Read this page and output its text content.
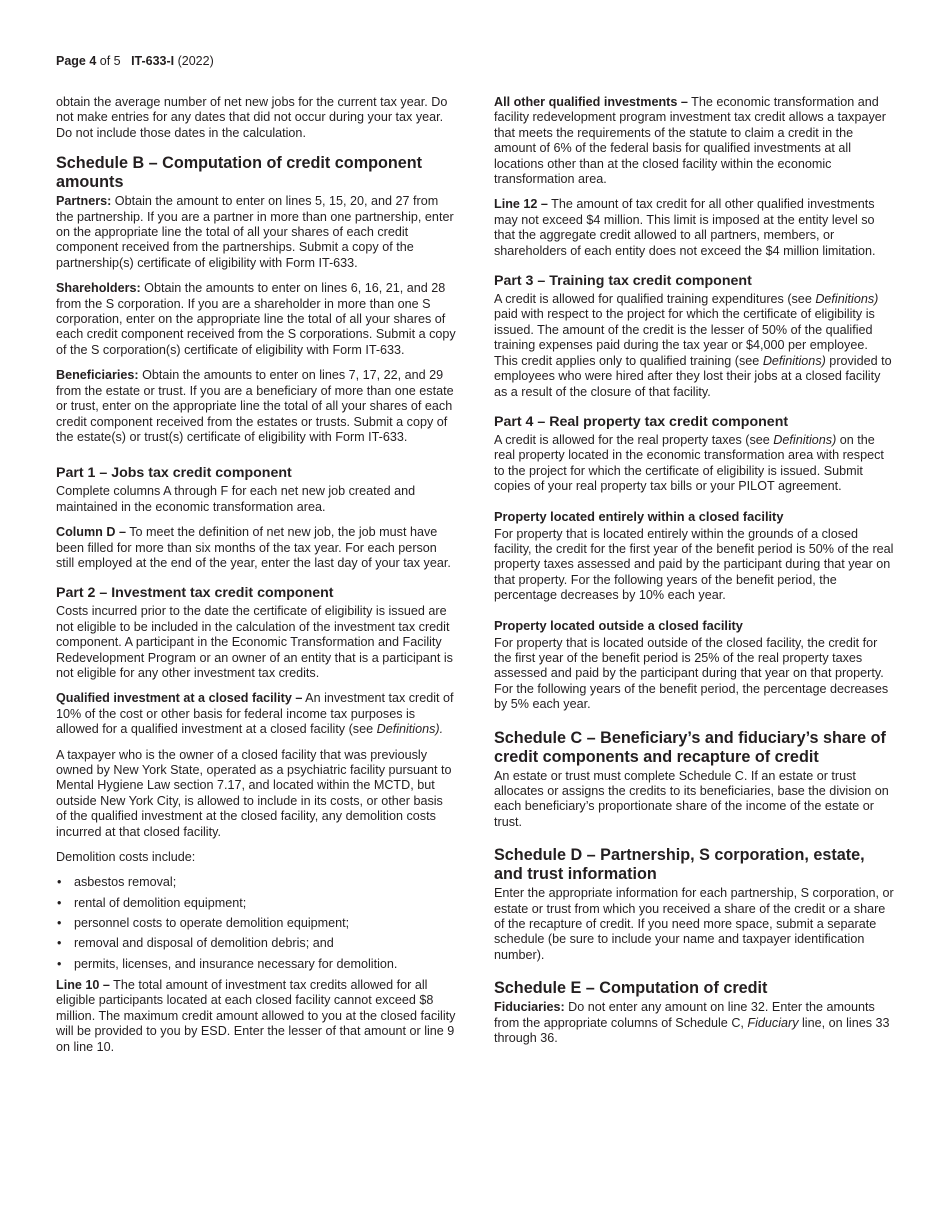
Page 4 of 5 IT-633-I (2022)

obtain the average number of net new jobs for the current tax year. Do not make entries for any dates that did not occur during your tax year. Do not include those dates in the calculation.

Schedule B – Computation of credit component amounts

Partners: Obtain the amount to enter on lines 5, 15, 20, and 27 from the partnership. If you are a partner in more than one partnership, enter on the appropriate line the total of all your shares of each credit component received from the partnerships. Submit a copy of the partnership(s) certificate of eligibility with Form IT-633.

Shareholders: Obtain the amounts to enter on lines 6, 16, 21, and 28 from the S corporation. If you are a shareholder in more than one S corporation, enter on the appropriate line the total of all your shares of each credit component received from the S corporations. Submit a copy of the S corporation(s) certificate of eligibility with Form IT-633.

Beneficiaries: Obtain the amounts to enter on lines 7, 17, 22, and 29 from the estate or trust. If you are a beneficiary of more than one estate or trust, enter on the appropriate line the total of all your shares of each credit component received from the estates or trusts. Submit a copy of the estate(s) or trust(s) certificate of eligibility with Form IT-633.

Part 1 – Jobs tax credit component

Complete columns A through F for each net new job created and maintained in the economic transformation area.

Column D – To meet the definition of net new job, the job must have been filled for more than six months of the tax year. For each person still employed at the end of the year, enter the last day of your tax year.

Part 2 – Investment tax credit component

Costs incurred prior to the date the certificate of eligibility is issued are not eligible to be included in the calculation of the investment tax credit component. A participant in the Economic Transformation and Facility Redevelopment Program or an owner of an entity that is a participant is not eligible for any other investment tax credits.

Qualified investment at a closed facility – An investment tax credit of 10% of the cost or other basis for federal income tax purposes is allowed for a qualified investment at a closed facility (see Definitions).

A taxpayer who is the owner of a closed facility that was previously owned by New York State, operated as a psychiatric facility pursuant to Mental Hygiene Law section 7.17, and located within the MCTD, but outside New York City, is allowed to include in its costs, or other basis of the qualified investment at the closed facility, any demolition costs incurred at that closed facility.

Demolition costs include:

• asbestos removal;
• rental of demolition equipment;
• personnel costs to operate demolition equipment;
• removal and disposal of demolition debris; and
• permits, licenses, and insurance necessary for demolition.

Line 10 – The total amount of investment tax credits allowed for all eligible participants located at each closed facility cannot exceed $8 million. The maximum credit amount allowed to you at the closed facility will be provided to you by ESD. Enter the lesser of that amount or line 9 on line 10.

All other qualified investments – The economic transformation and facility redevelopment program investment tax credit allows a taxpayer that meets the requirements of the statute to claim a credit in the amount of 6% of the federal basis for qualified investments at all locations other than at the closed facility within the economic transformation area.

Line 12 – The amount of tax credit for all other qualified investments may not exceed $4 million. This limit is imposed at the entity level so that the aggregate credit allowed to all partners, members, or shareholders of each entity does not exceed the $4 million limitation.

Part 3 – Training tax credit component

A credit is allowed for qualified training expenditures (see Definitions) paid with respect to the project for which the certificate of eligibility is issued. The amount of the credit is the lesser of 50% of the qualified training expenses paid during the tax year or $4,000 per employee. This credit applies only to qualified training (see Definitions) provided to employees who were hired after they lost their jobs at a closed facility as a result of the closure of that facility.

Part 4 – Real property tax credit component

A credit is allowed for the real property taxes (see Definitions) on the real property located in the economic transformation area with respect to the project for which the certificate of eligibility is issued. Submit copies of your real property tax bills or your PILOT agreement.

Property located entirely within a closed facility

For property that is located entirely within the grounds of a closed facility, the credit for the first year of the benefit period is 50% of the real property taxes assessed and paid by the participant during that year on that property. For the following years of the benefit period, the percentage decreases by 10% each year.

Property located outside a closed facility

For property that is located outside of the closed facility, the credit for the first year of the benefit period is 25% of the real property taxes assessed and paid by the participant during that year on that property. For the following years of the benefit period, the percentage decreases by 5% each year.

Schedule C – Beneficiary’s and fiduciary’s share of credit components and recapture of credit

An estate or trust must complete Schedule C. If an estate or trust allocates or assigns the credits to its beneficiaries, base the division on each beneficiary’s proportionate share of the income of the estate or trust.

Schedule D – Partnership, S corporation, estate, and trust information

Enter the appropriate information for each partnership, S corporation, or estate or trust from which you received a share of the credit or a share of the recapture of credit. If you need more space, submit a separate schedule (be sure to include your name and taxpayer identification number).

Schedule E – Computation of credit

Fiduciaries: Do not enter any amount on line 32. Enter the amounts from the appropriate columns of Schedule C, Fiduciary line, on lines 33 through 36.
